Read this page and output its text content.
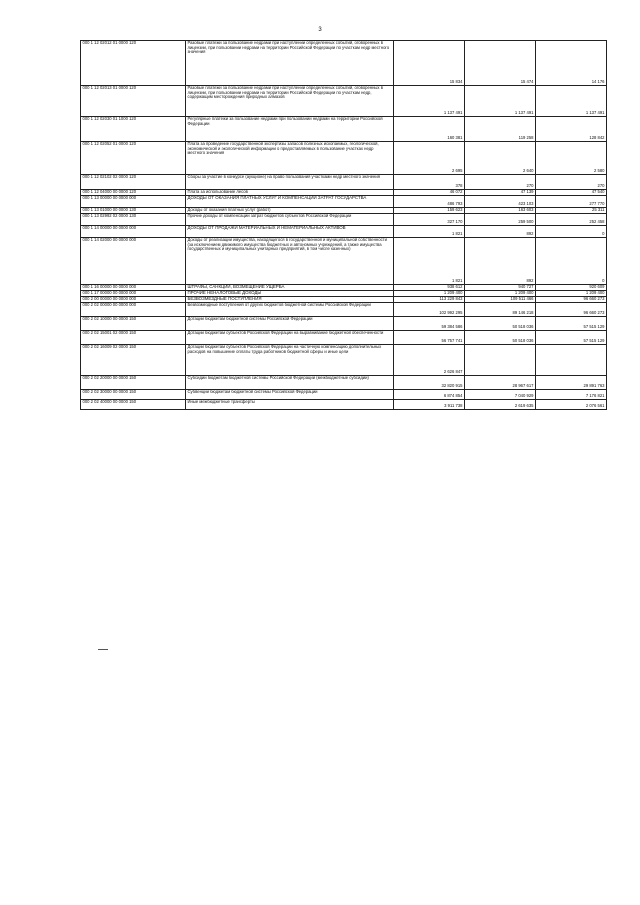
3
000 1 12 02012 01 0000 120	Разовые платежи за пользование недрами при наступлении определенных событий, оговоренных в лицензии, при пользовании недрами на территории Российской Федерации по участкам недр местного значения	15 834	15 474	14 176
000 1 12 02013 01 0000 120	Разовые платежи за пользование недрами при наступлении определенных событий, оговоренных в лицензии, при пользовании недрами на территории Российской Федерации по участкам недр, содержащим месторождения природных алмазов	1 137 491	1 137 491	1 137 491
000 1 12 02030 01 1000 120	Регулярные платежи за пользование недрами при пользовании недрами на территории Российской Федерации	160 381	119 258	128 842
000 1 12 02052 01 0000 120	Плата за проведение государственной экспертизы запасов полезных ископаемых, геологической, экономической и экологической информации о предоставляемых в пользование участках недр местного значения	2 695	2 640	2 580
000 1 12 02102 02 0000 120	Сборы за участие в конкурсе (аукционе) на право пользования участками недр местного значения	378	270	270
000 1 12 04000 00 0000 120	Плата за использование лесов	46 072	47 139	47 540
000 1 13 00000 00 0000 000	ДОХОДЫ ОТ ОКАЗАНИЯ ПЛАТНЫХ УСЛУГ И КОМПЕНСАЦИИ ЗАТРАТ ГОСУДАРСТВА	486 793	423 103	277 770
000 1 13 01000 00 0000 130	Доходы от оказания платных услуг (работ)	159 623	163 603	25 311
000 1 13 02992 02 0000 130	Прочие доходы от компенсации затрат бюджетов субъектов Российской Федерации	327 170	259 500	252 458
000 1 14 00000 00 0000 000	ДОХОДЫ ОТ ПРОДАЖИ МАТЕРИАЛЬНЫХ И НЕМАТЕРИАЛЬНЫХ АКТИВОВ	1 821	892	0
000 1 14 02000 00 0000 000	Доходы от реализации имущества, находящегося в государственной и муниципальной собственности (за исключением движимого имущества бюджетных и автономных учреждений, а также имущества государственных и муниципальных унитарных предприятий, в том числе казенных)	1 821	892	0
000 1 16 00000 00 0000 000	ШТРАФЫ, САНКЦИИ, ВОЗМЕЩЕНИЕ УЩЕРБА	938 612	940 727	920 609
000 1 17 00000 00 0000 000	ПРОЧИЕ НЕНАЛОГОВЫЕ ДОХОДЫ	1 209 400	1 209 400	1 209 400
000 2 00 00000 00 0000 000	БЕЗВОЗМЕЗДНЫЕ ПОСТУПЛЕНИЯ	113 229 843	109 511 466	96 660 273
000 2 02 00000 00 0000 000	Безвозмездные поступления от других бюджетов бюджетной системы Российской Федерации	102 992 295	89 146 218	96 660 273
000 2 02 10000 00 0000 150	Дотации бюджетам бюджетной системы Российской Федерации	59 384 586	50 518 036	57 515 129
000 2 02 15001 02 0000 150	Дотации бюджетам субъектов Российской Федерации на выравнивание бюджетной обеспеченности	56 757 741	50 518 036	57 515 129
000 2 02 16009 02 0000 150	Дотации бюджетам субъектов Российской Федерации на частичную компенсацию дополнительных расходов на повышение оплаты труда работников бюджетной сферы и иные цели	2 626 847		
000 2 02 20000 00 0000 150	Субсидии бюджетам бюджетной системы Российской Федерации (межбюджетные субсидии)	32 820 915	28 967 617	29 891 763
000 2 02 30000 00 0000 150	Субвенции бюджетам бюджетной системы Российской Федерации	6 874 854	7 040 929	7 176 821
000 2 02 40000 00 0000 150	Иные межбюджетные трансферты	3 911 738	2 619 635	2 076 561
